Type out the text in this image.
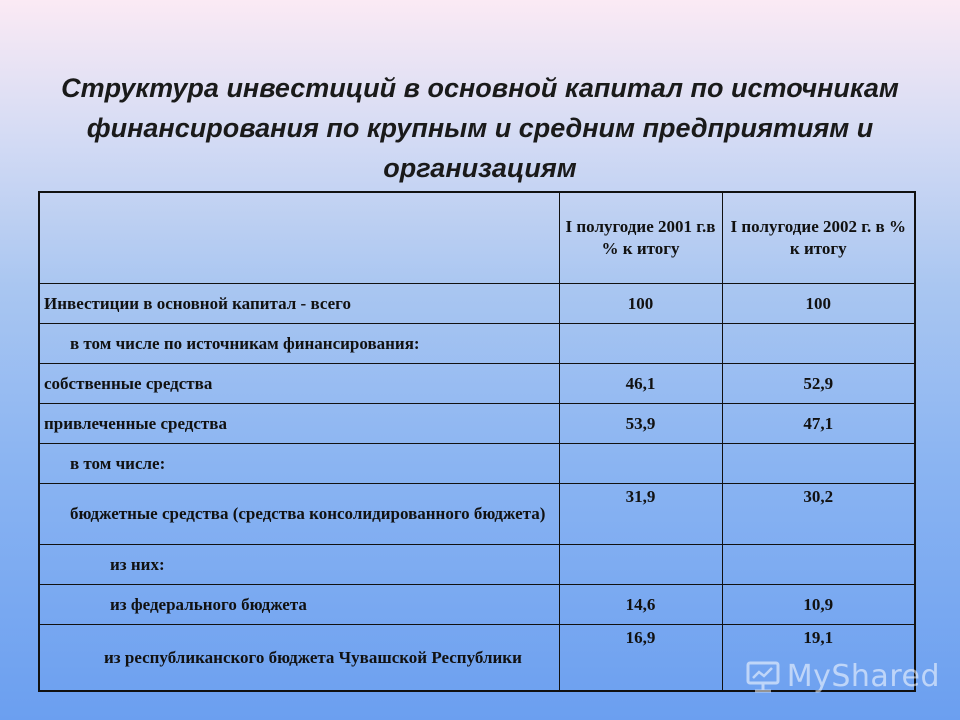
Структура инвестиций в основной капитал по источникам финансирования по крупным и средним предприятиям и организациям
	I полугодие 2001 г.в % к итогу	I полугодие 2002 г. в % к итогу
Инвестиции в основной капитал - всего	100	100
в том числе по источникам финансирования:		
собственные средства	46,1	52,9
привлеченные средства	53,9	47,1
в том числе:		
бюджетные средства (средства консолидированного бюджета)	31,9	30,2
из них:		
из федерального бюджета	14,6	10,9
из республиканского бюджета Чувашской Республики	16,9	19,1
MyShared
